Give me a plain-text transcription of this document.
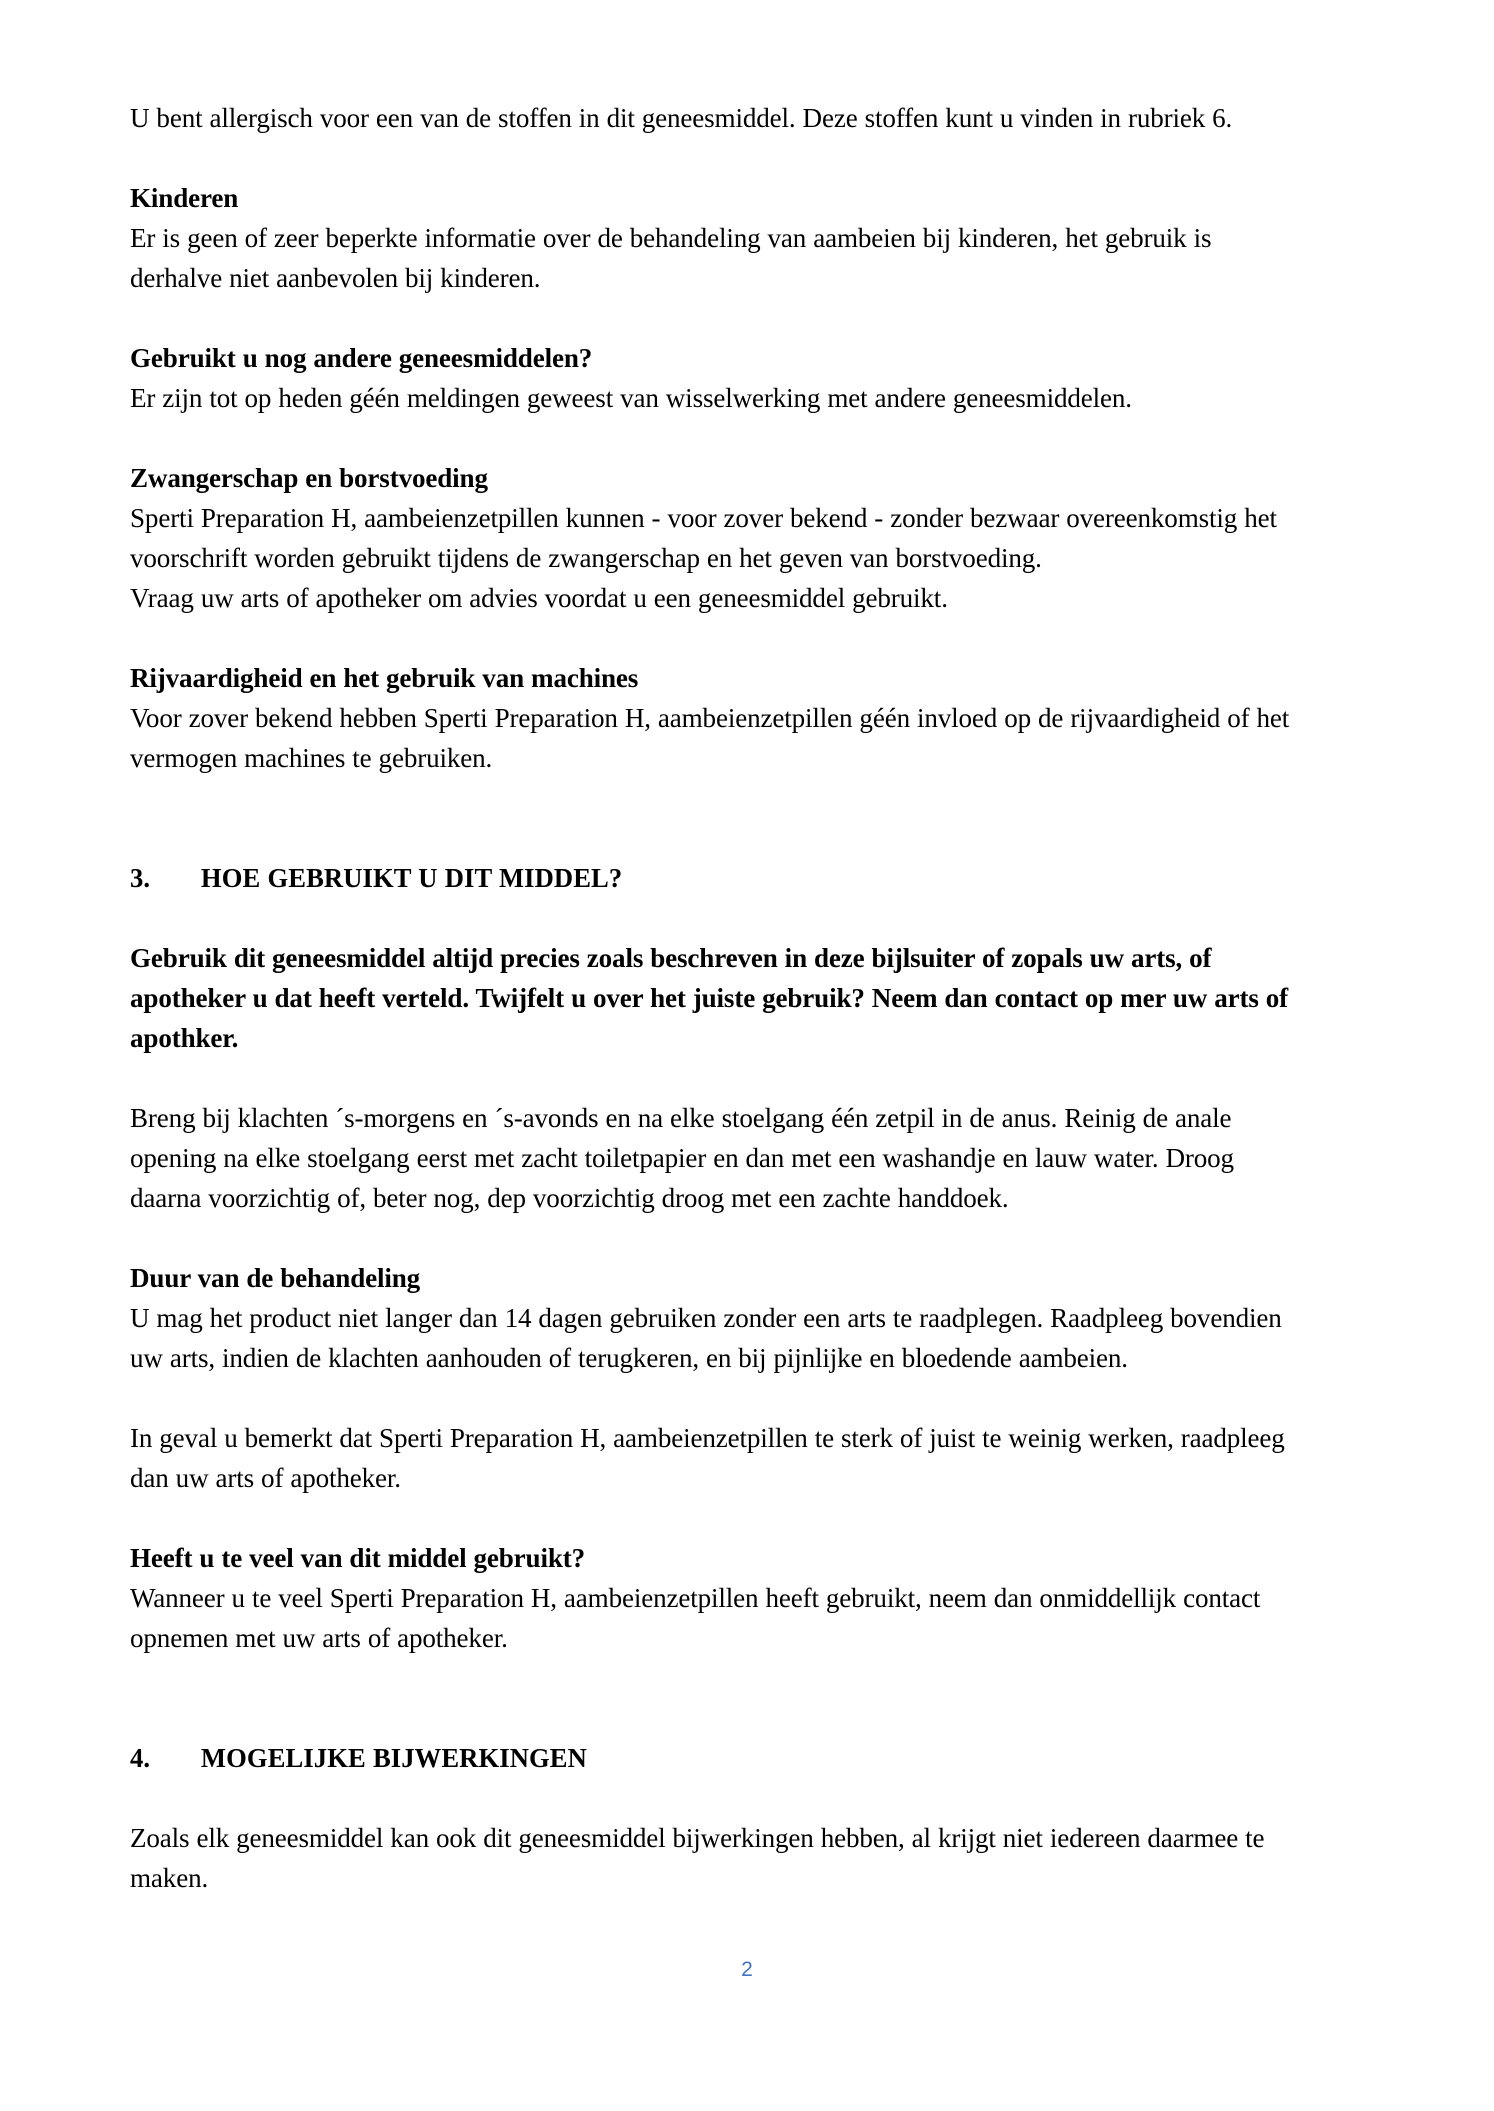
U bent allergisch voor een van de stoffen in dit geneesmiddel. Deze stoffen kunt u vinden in rubriek 6.

Kinderen

Er is geen of zeer beperkte informatie over de behandeling van aambeien bij kinderen, het gebruik is derhalve niet aanbevolen bij kinderen.

Gebruikt u nog andere geneesmiddelen?

Er zijn tot op heden géén meldingen geweest van wisselwerking met andere geneesmiddelen.

Zwangerschap en borstvoeding

Sperti Preparation H, aambeienzetpillen kunnen - voor zover bekend - zonder bezwaar overeenkomstig het voorschrift worden gebruikt tijdens de zwangerschap en het geven van borstvoeding.

Vraag uw arts of apotheker om advies voordat u een geneesmiddel gebruikt.

Rijvaardigheid en het gebruik van machines

Voor zover bekend hebben Sperti Preparation H, aambeienzetpillen géén invloed op de rijvaardigheid of het vermogen machines te gebruiken.

3. HOE GEBRUIKT U DIT MIDDEL?

Gebruik dit geneesmiddel altijd precies zoals beschreven in deze bijlsuiter of zopals uw arts, of apotheker u dat heeft verteld. Twijfelt u over het juiste gebruik? Neem dan contact op mer uw arts of apothker.

Breng bij klachten ´s-morgens en ´s-avonds en na elke stoelgang één zetpil in de anus. Reinig de anale opening na elke stoelgang eerst met zacht toiletpapier en dan met een washandje en lauw water. Droog daarna voorzichtig of, beter nog, dep voorzichtig droog met een zachte handdoek.

Duur van de behandeling

U mag het product niet langer dan 14 dagen gebruiken zonder een arts te raadplegen. Raadpleeg bovendien uw arts, indien de klachten aanhouden of terugkeren, en bij pijnlijke en bloedende aambeien.

In geval u bemerkt dat Sperti Preparation H, aambeienzetpillen te sterk of juist te weinig werken, raadpleeg dan uw arts of apotheker.

Heeft u te veel van dit middel gebruikt?

Wanneer u te veel Sperti Preparation H, aambeienzetpillen heeft gebruikt, neem dan onmiddellijk contact opnemen met uw arts of apotheker.

4. MOGELIJKE BIJWERKINGEN

Zoals elk geneesmiddel kan ook dit geneesmiddel bijwerkingen hebben, al krijgt niet iedereen daarmee te maken.

2
